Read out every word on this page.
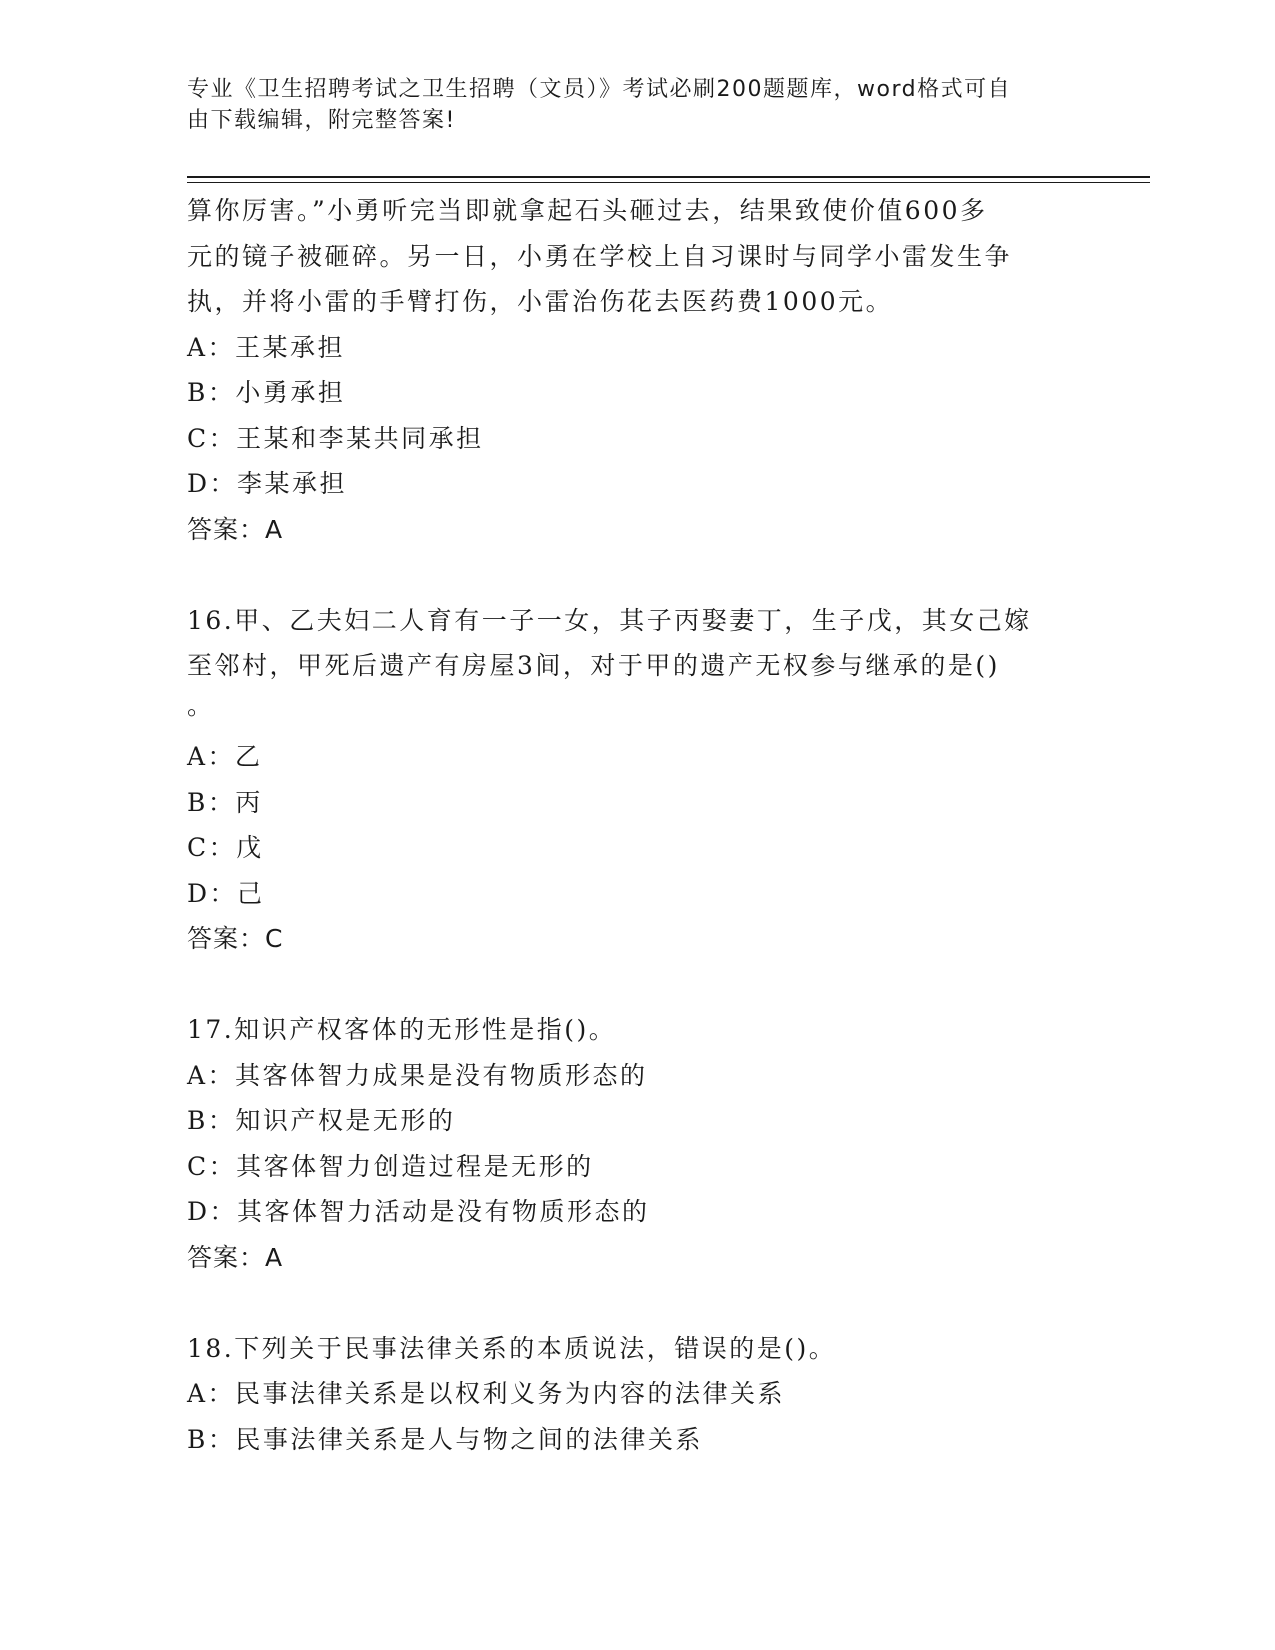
专业《卫生招聘考试之卫生招聘（文员）》考试必刷200题题库，word格式可自
由下载编辑，附完整答案!
算你厉害。”小勇听完当即就拿起石头砸过去，结果致使价值600多
元的镜子被砸碎。另一日，小勇在学校上自习课时与同学小雷发生争
执，并将小雷的手臂打伤，小雷治伤花去医药费1000元。
A：王某承担
B：小勇承担
C：王某和李某共同承担
D：李某承担
答案：A
16.甲、乙夫妇二人育有一子一女，其子丙娶妻丁，生子戊，其女己嫁
至邻村，甲死后遗产有房屋3间，对于甲的遗产无权参与继承的是()
。
A：乙
B：丙
C：戊
D：己
答案：C
17.知识产权客体的无形性是指()。
A：其客体智力成果是没有物质形态的
B：知识产权是无形的
C：其客体智力创造过程是无形的
D：其客体智力活动是没有物质形态的
答案：A
18.下列关于民事法律关系的本质说法，错误的是()。
A：民事法律关系是以权利义务为内容的法律关系
B：民事法律关系是人与物之间的法律关系
